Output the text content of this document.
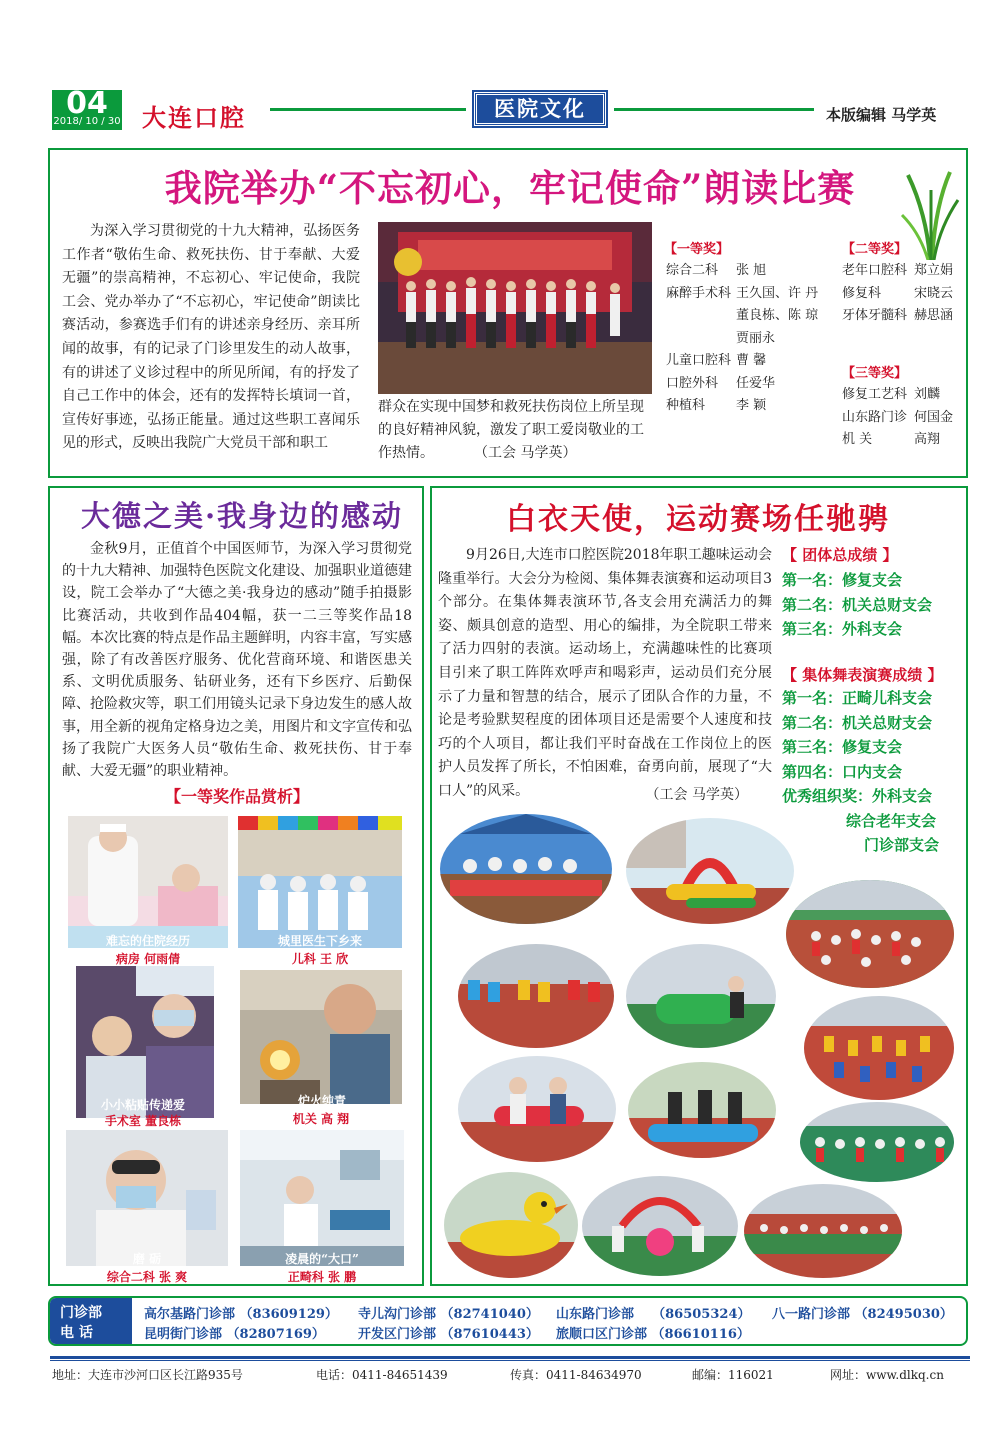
04
2018/ 10 / 30 大连口腔	医院文化	本版编辑 马学英
我院举办“不忘初心，牢记使命”朗读比赛
为深入学习贯彻党的十九大精神，弘扬医务工作者“敬佑生命、救死扶伤、甘于奉献、大爱无疆”的崇高精神，不忘初心、牢记使命，我院工会、党办举办了“不忘初心，牢记使命”朗读比赛活动，参赛选手们有的讲述亲身经历、亲耳所闻的故事，有的记录了门诊里发生的动人故事，有的讲述了义诊过程中的所见所闻，有的抒发了自己工作中的体会，还有的发挥特长填词一首，宣传好事迹，弘扬正能量。通过这些职工喜闻乐见的形式，反映出我院广大党员干部和职工
群众在实现中国梦和救死扶伤岗位上所呈现的良好精神风貌，激发了职工爱岗敬业的工作热情。	（工会 马学英）
【一等奖】
综合二科 张 旭
麻醉手术科 王久国、许 丹
董良栋、陈 琼
贾丽永
儿童口腔科 曹 馨
口腔外科 任爱华
种植科 李 颖
【二等奖】
老年口腔科 郑立娟
修复科	宋晓云
牙体牙髓科 赫思涵
【三等奖】
修复工艺科 刘麟
山东路门诊 何国金
机 关	高翔
大德之美·我身边的感动
金秋9月，正值首个中国医师节，为深入学习贯彻党的十九大精神、加强特色医院文化建设、加强职业道德建设，院工会举办了“大德之美·我身边的感动”随手拍摄影比赛活动，共收到作品404幅，获一二三等奖作品18幅。本次比赛的特点是作品主题鲜明，内容丰富，写实感强，除了有改善医疗服务、优化营商环境、和谐医患关系、文明优质服务、钻研业务，还有下乡医疗、后勤保障、抢险救灾等，职工们用镜头记录下身边发生的感人故事，用全新的视角定格身边之美，用图片和文字宣传和弘扬了我院广大医务人员“敬佑生命、救死扶伤、甘于奉献、大爱无疆”的职业精神。
【一等奖作品赏析】
难忘的住院经历
病房 何雨倩
城里医生下乡来
儿科 王 欣
小小粘贴传递爱
手术室 董良栋
炉火纯青
机关 高 翔
磨 砺
综合二科 张 爽
凌晨的“大口”
正畸科 张 鹏
白衣天使，运动赛场任驰骋
9月26日,大连市口腔医院2018年职工趣味运动会隆重举行。大会分为检阅、集体舞表演赛和运动项目3个部分。在集体舞表演环节,各支会用充满活力的舞姿、颇具创意的造型、用心的编排，为全院职工带来了活力四射的表演。运动场上，充满趣味性的比赛项目引来了职工阵阵欢呼声和喝彩声，运动员们充分展示了力量和智慧的结合，展示了团队合作的力量，不论是考验默契程度的团体项目还是需要个人速度和技巧的个人项目，都让我们平时奋战在工作岗位上的医护人员发挥了所长，不怕困难，奋勇向前，展现了“大口人”的风采。	（工会 马学英）
【 团体总成绩 】
第一名：修复支会
第二名：机关总财支会
第三名：外科支会
【 集体舞表演赛成绩 】
第一名：正畸儿科支会
第二名：机关总财支会
第三名：修复支会
第四名：口内支会
优秀组织奖：外科支会
综合老年支会
门诊部支会
门诊部
电 话
高尔基路门诊部 （83609129） 寺儿沟门诊部 （82741040） 山东路门诊部 （86505324） 八一路门诊部 （82495030）
昆明街门诊部 （82807169）	开发区门诊部 （87610443） 旅顺口区门诊部 （86610116）
地址：大连市沙河口区长江路935号	电话：0411-84651439	传真：0411-84634970	邮编：116021	网址：www.dlkq.cn
